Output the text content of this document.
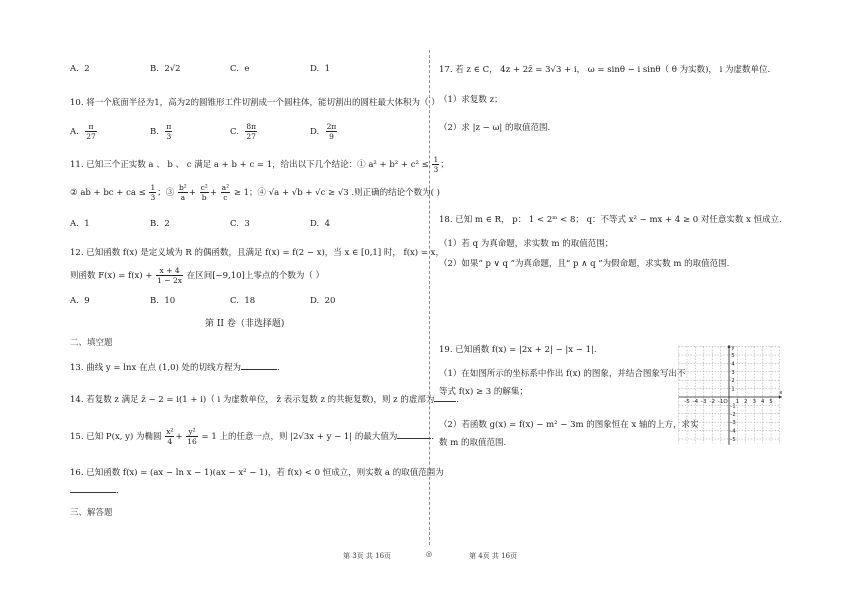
A. 2	B. 2√2	C. e	D. 1
10. 将一个底面半径为1，高为2的圆锥形工件切割成一个圆柱体，能切割出的圆柱最大体积为（ ）
A. $\frac{\pi}{27}$	B. $\frac{\pi}{3}$	C. $\frac{8\pi}{27}$	D. $\frac{2\pi}{9}$
11. 已知三个正实数 a 、 b 、 c 满足 a + b + c = 1，给出以下几个结论：① $a^2 + b^2 + c^2 \le \frac{1}{3}$ ；
② ab + bc + ca ≤ $\frac{1}{3}$ ；③ $\frac{\text{b²}}{a} + \frac{\text{c²}}{b} + \frac{\text{a²}}{c} \ge 1$；④ √a + √b + √c ≥ √3 .则正确的结论个数为( )
A. 1	B. 2	C. 3	D. 4
12. 已知函数 f(x) 是定义域为 R 的偶函数，且满足 f(x) = f(2 − x)，当 x ∈ [0,1] 时， f(x) = x，
则函数 $F(x) = f(x) + \frac{x + 4}{1 - 2x}$ 在区间[−9,10]上零点的个数为（ ）
A. 9	B. 10	C. 18	D. 20
第 II 卷（非选择题)
二、填空题
13. 曲线 y = lnx 在点 (1,0) 处的切线方程为	．
14. 若复数 z 满足 z̄ − 2 = i(1 + i)（ i 为虚数单位， z̄ 表示复数 z 的共轭复数)，则 z 的虚部为	．
15. 已知 P(x, y) 为椭圆 $\frac{\text{x²}}{4} + \frac{\text{y²}}{16} = 1$ 上的任意一点，则 |2√3x + y − 1| 的最大值为	．
16. 已知函数 f(x) = (ax − ln x − 1)(ax − x² − 1)，若 f(x) < 0 恒成立，则实数 a 的取值范围为
．
三、解答题
第 3页 共 16页	◎
17. 若 z ∈ C， 4z + 2z̄ = 3√3 + i， ω = sinθ − i sinθ（ θ 为实数)， i 为虚数单位.
（1）求复数 z；
（2）求 |z − ω| 的取值范围.
18. 已知 m ∈ R， p： 1 < 2ᵐ < 8； q：不等式 x² − mx + 4 ≥ 0 对任意实数 x 恒成立.
（1）若 q 为真命题，求实数 m 的取值范围；
（2）如果“ p ∨ q ”为真命题，且“ p ∧ q ”为假命题，求实数 m 的取值范围.
19. 已知函数 f(x) = |2x + 2| − |x − 1|.
（1）在如图所示的坐标系中作出 f(x) 的图象，并结合图象写出不
等式 f(x) ≥ 3 的解集；
（2）若函数 g(x) = f(x) − m² − 3m 的图象恒在 x 轴的上方，求实
数 m 的取值范围.
-5 -4 -3 -2 -1 1 2 3 4 5
5
4
3
2
1
-1
-2
-3
-4
-5
O
x
y
第 4页 共 16页
